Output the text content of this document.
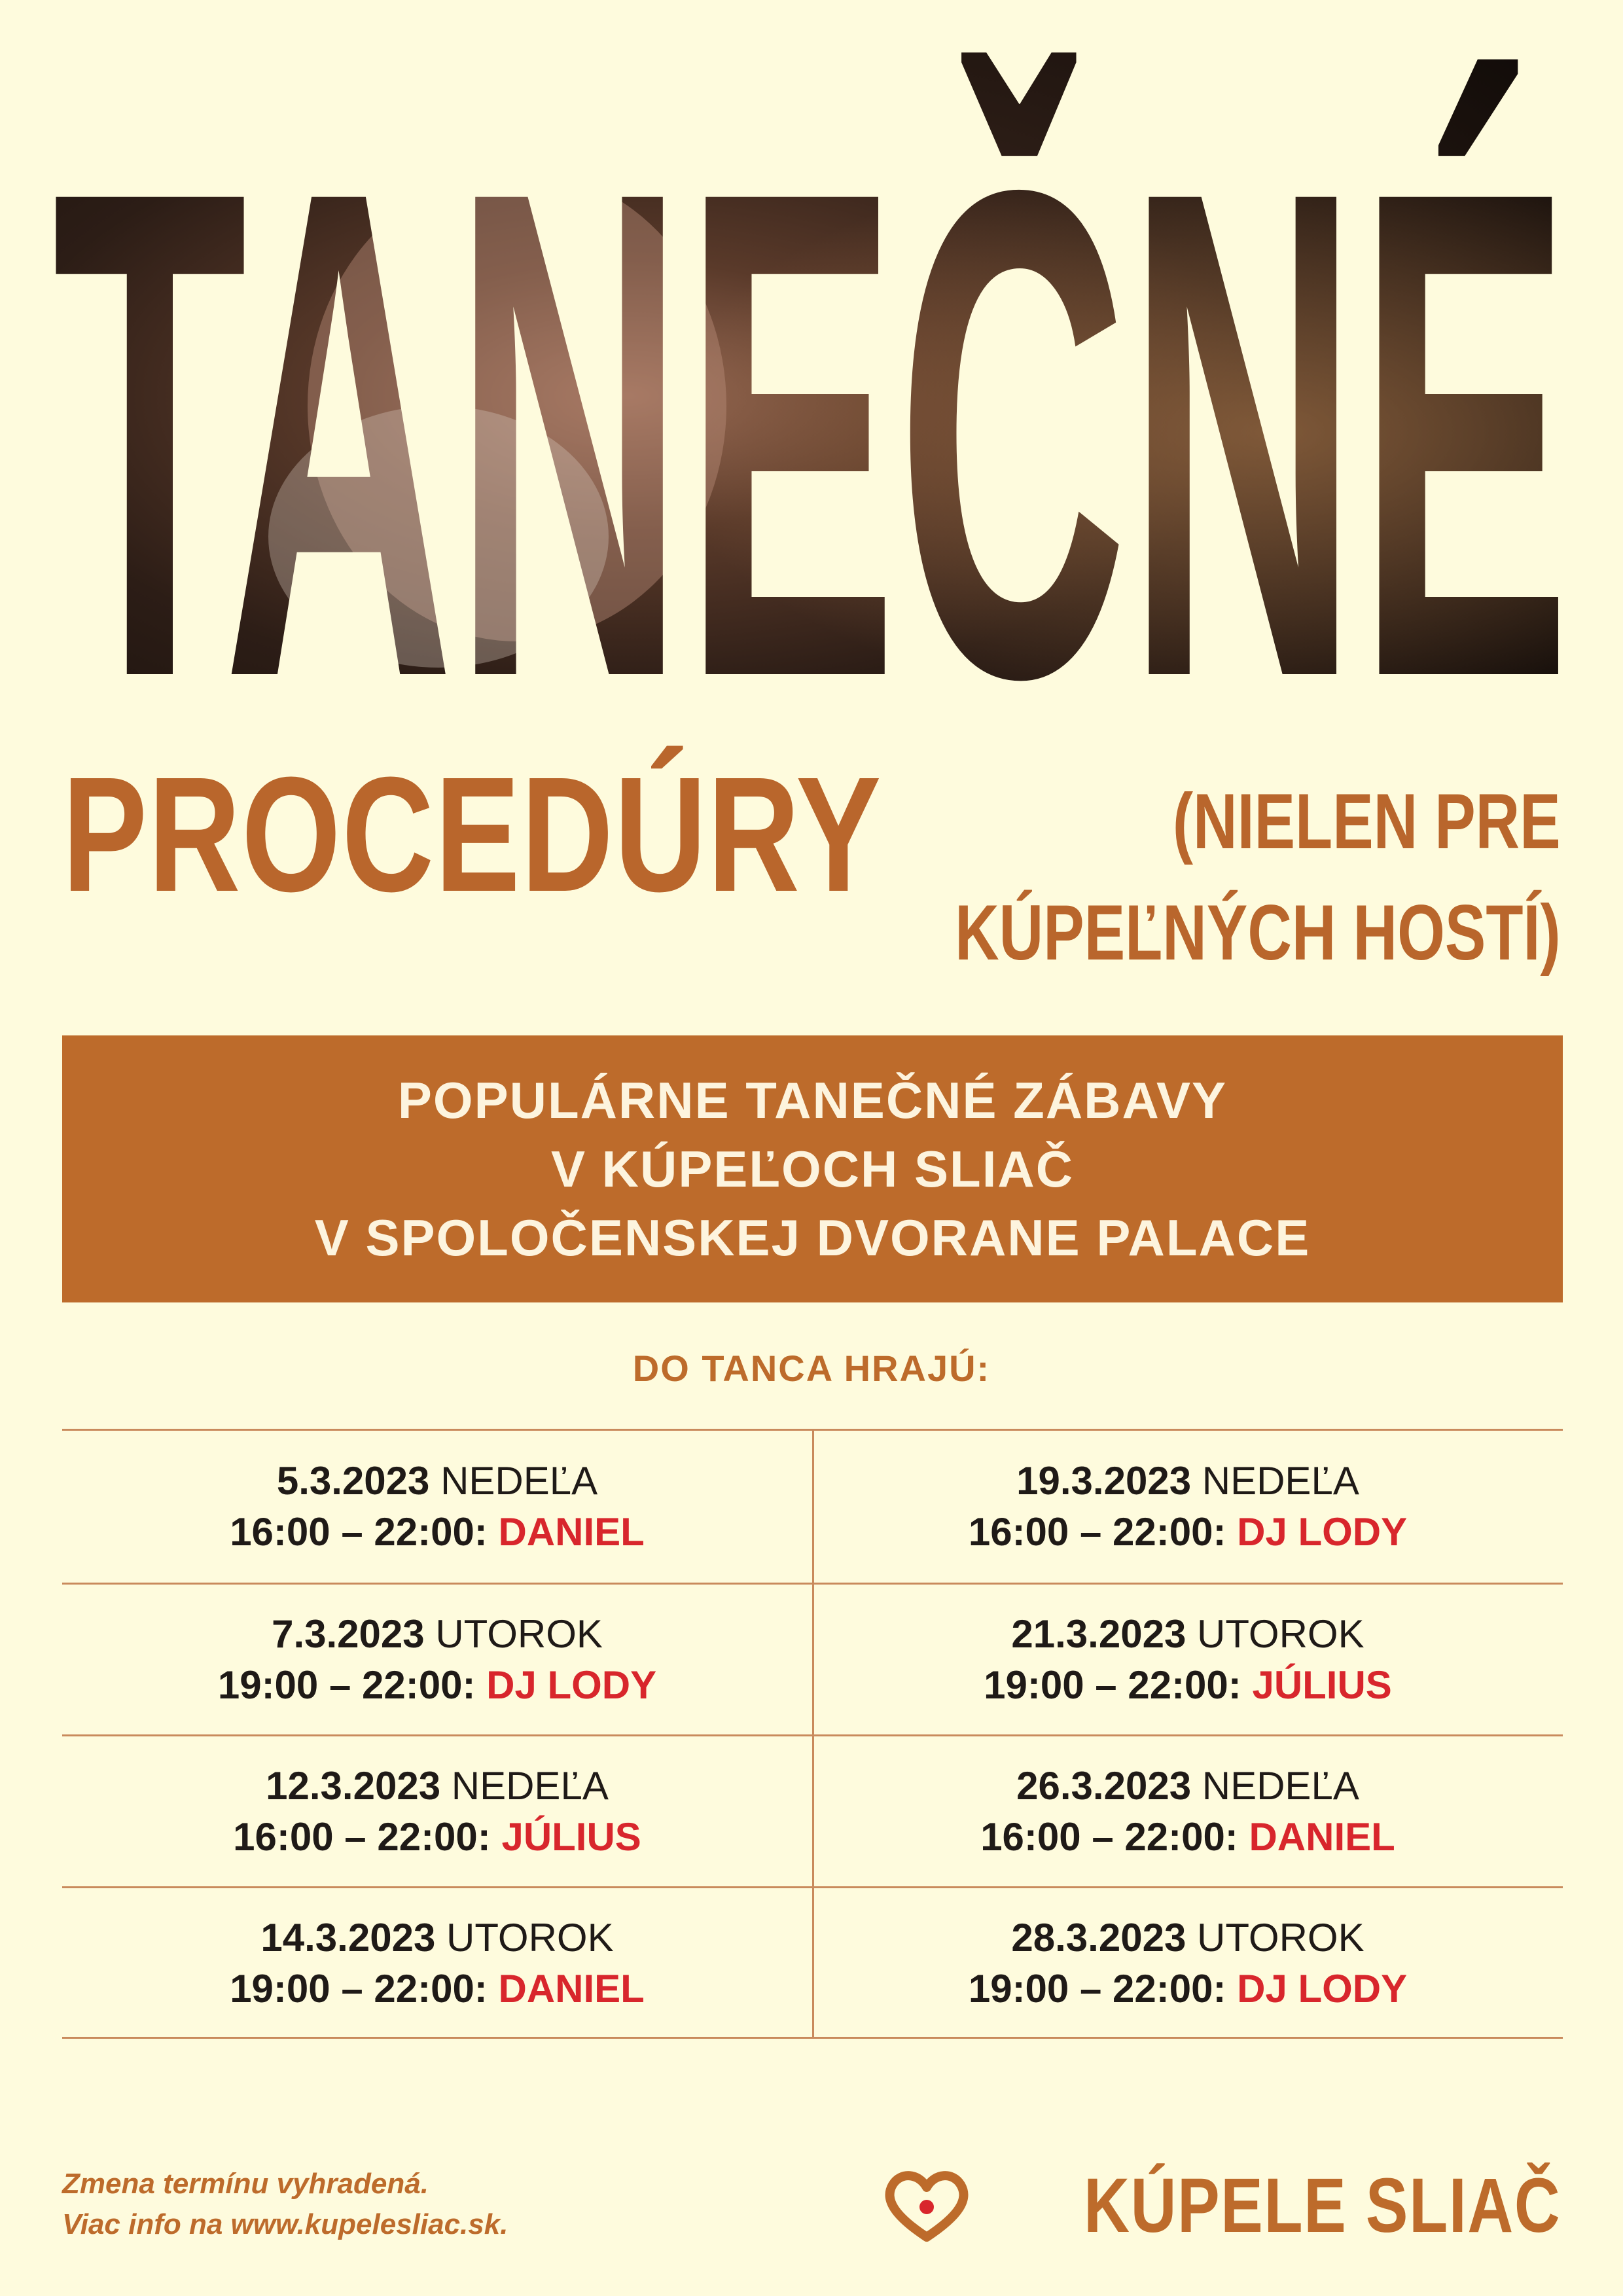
PROCEDÚRY	(NIELEN PRE
KÚPEĽNÝCH HOSTÍ)
POPULÁRNE TANEČNÉ ZÁBAVY
V KÚPEĽOCH SLIAČ
V SPOLOČENSKEJ DVORANE PALACE
DO TANCA HRAJÚ:
5.3.2023 NEDEĽA
16:00 – 22:00: DANIEL
7.3.2023 UTOROK
19:00 – 22:00: DJ LODY
12.3.2023 NEDEĽA
16:00 – 22:00: JÚLIUS
14.3.2023 UTOROK
19:00 – 22:00: DANIEL
19.3.2023 NEDEĽA
16:00 – 22:00: DJ LODY
21.3.2023 UTOROK
19:00 – 22:00: JÚLIUS
26.3.2023 NEDEĽA
16:00 – 22:00: DANIEL
28.3.2023 UTOROK
19:00 – 22:00: DJ LODY
Zmena termínu vyhradená.
Viac info na www.kupelesliac.sk.	KÚPELE SLIAČ
